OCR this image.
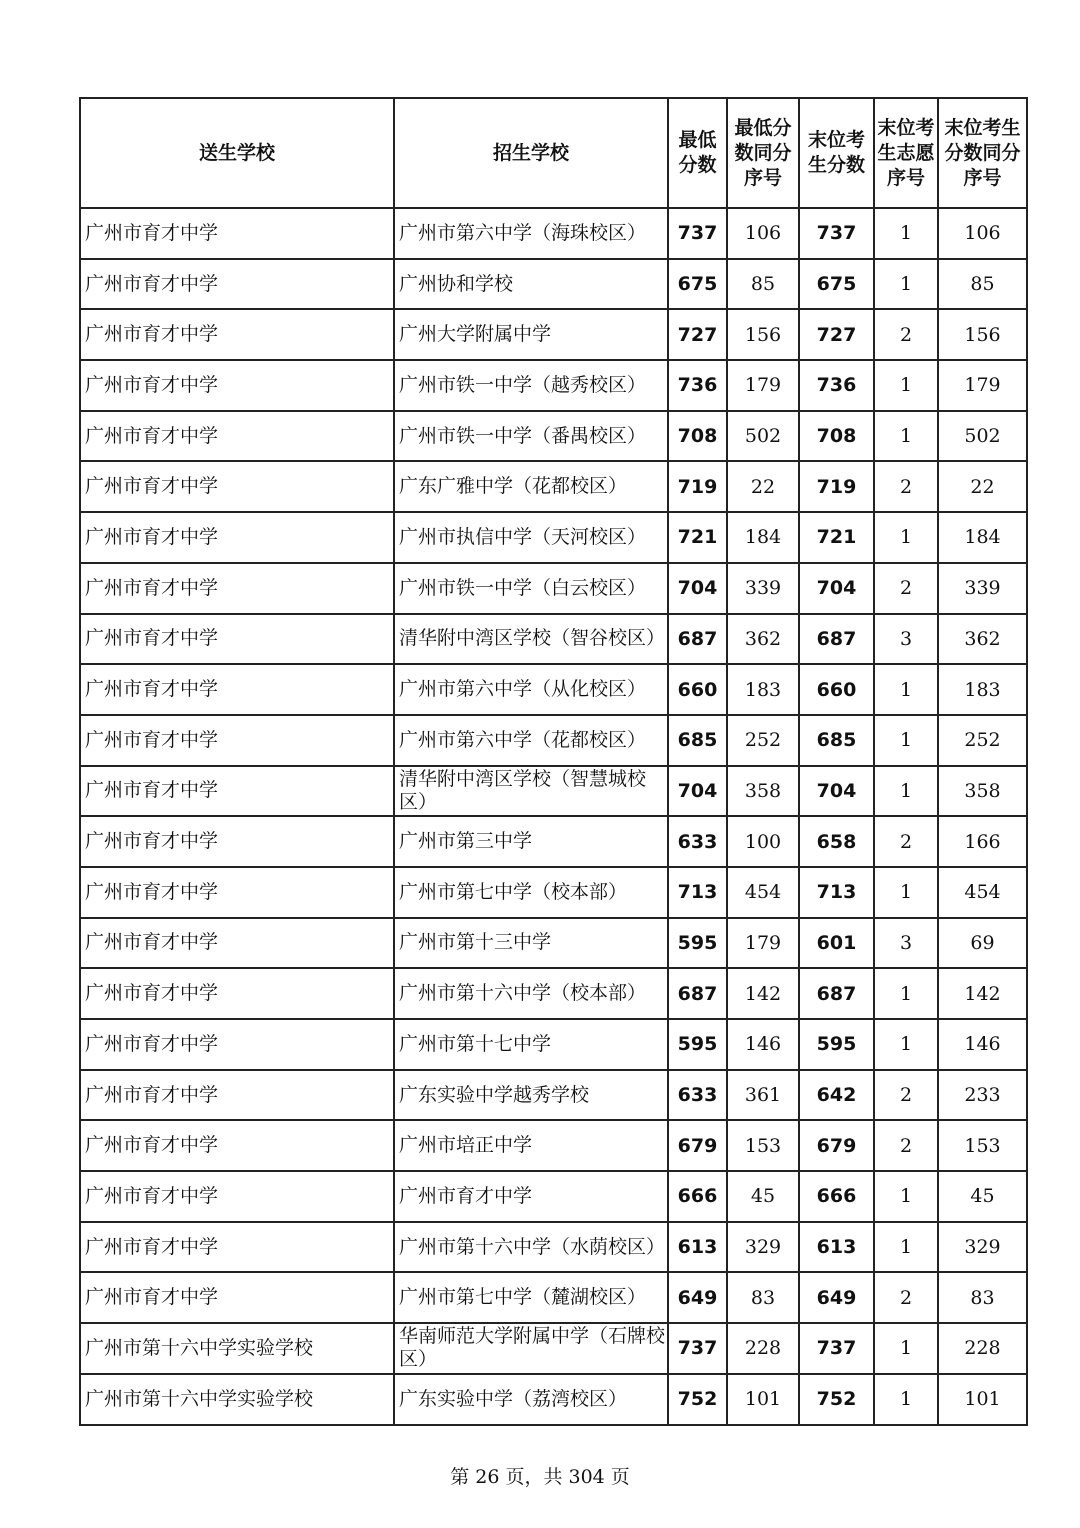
送生学校	招生学校	最低分数	最低分数同分序号	末位考生分数	末位考生志愿序号	末位考生分数同分序号
广州市育才中学	广州市第六中学（海珠校区）	737	106	737	1	106
广州市育才中学	广州协和学校	675	85	675	1	85
广州市育才中学	广州大学附属中学	727	156	727	2	156
广州市育才中学	广州市铁一中学（越秀校区）	736	179	736	1	179
广州市育才中学	广州市铁一中学（番禺校区）	708	502	708	1	502
广州市育才中学	广东广雅中学（花都校区）	719	22	719	2	22
广州市育才中学	广州市执信中学（天河校区）	721	184	721	1	184
广州市育才中学	广州市铁一中学（白云校区）	704	339	704	2	339
广州市育才中学	清华附中湾区学校（智谷校区）	687	362	687	3	362
广州市育才中学	广州市第六中学（从化校区）	660	183	660	1	183
广州市育才中学	广州市第六中学（花都校区）	685	252	685	1	252
广州市育才中学	清华附中湾区学校（智慧城校区）	704	358	704	1	358
广州市育才中学	广州市第三中学	633	100	658	2	166
广州市育才中学	广州市第七中学（校本部）	713	454	713	1	454
广州市育才中学	广州市第十三中学	595	179	601	3	69
广州市育才中学	广州市第十六中学（校本部）	687	142	687	1	142
广州市育才中学	广州市第十七中学	595	146	595	1	146
广州市育才中学	广东实验中学越秀学校	633	361	642	2	233
广州市育才中学	广州市培正中学	679	153	679	2	153
广州市育才中学	广州市育才中学	666	45	666	1	45
广州市育才中学	广州市第十六中学（水荫校区）	613	329	613	1	329
广州市育才中学	广州市第七中学（麓湖校区）	649	83	649	2	83
广州市第十六中学实验学校	华南师范大学附属中学（石牌校区）	737	228	737	1	228
广州市第十六中学实验学校	广东实验中学（荔湾校区）	752	101	752	1	101
第 26 页，共 304 页
